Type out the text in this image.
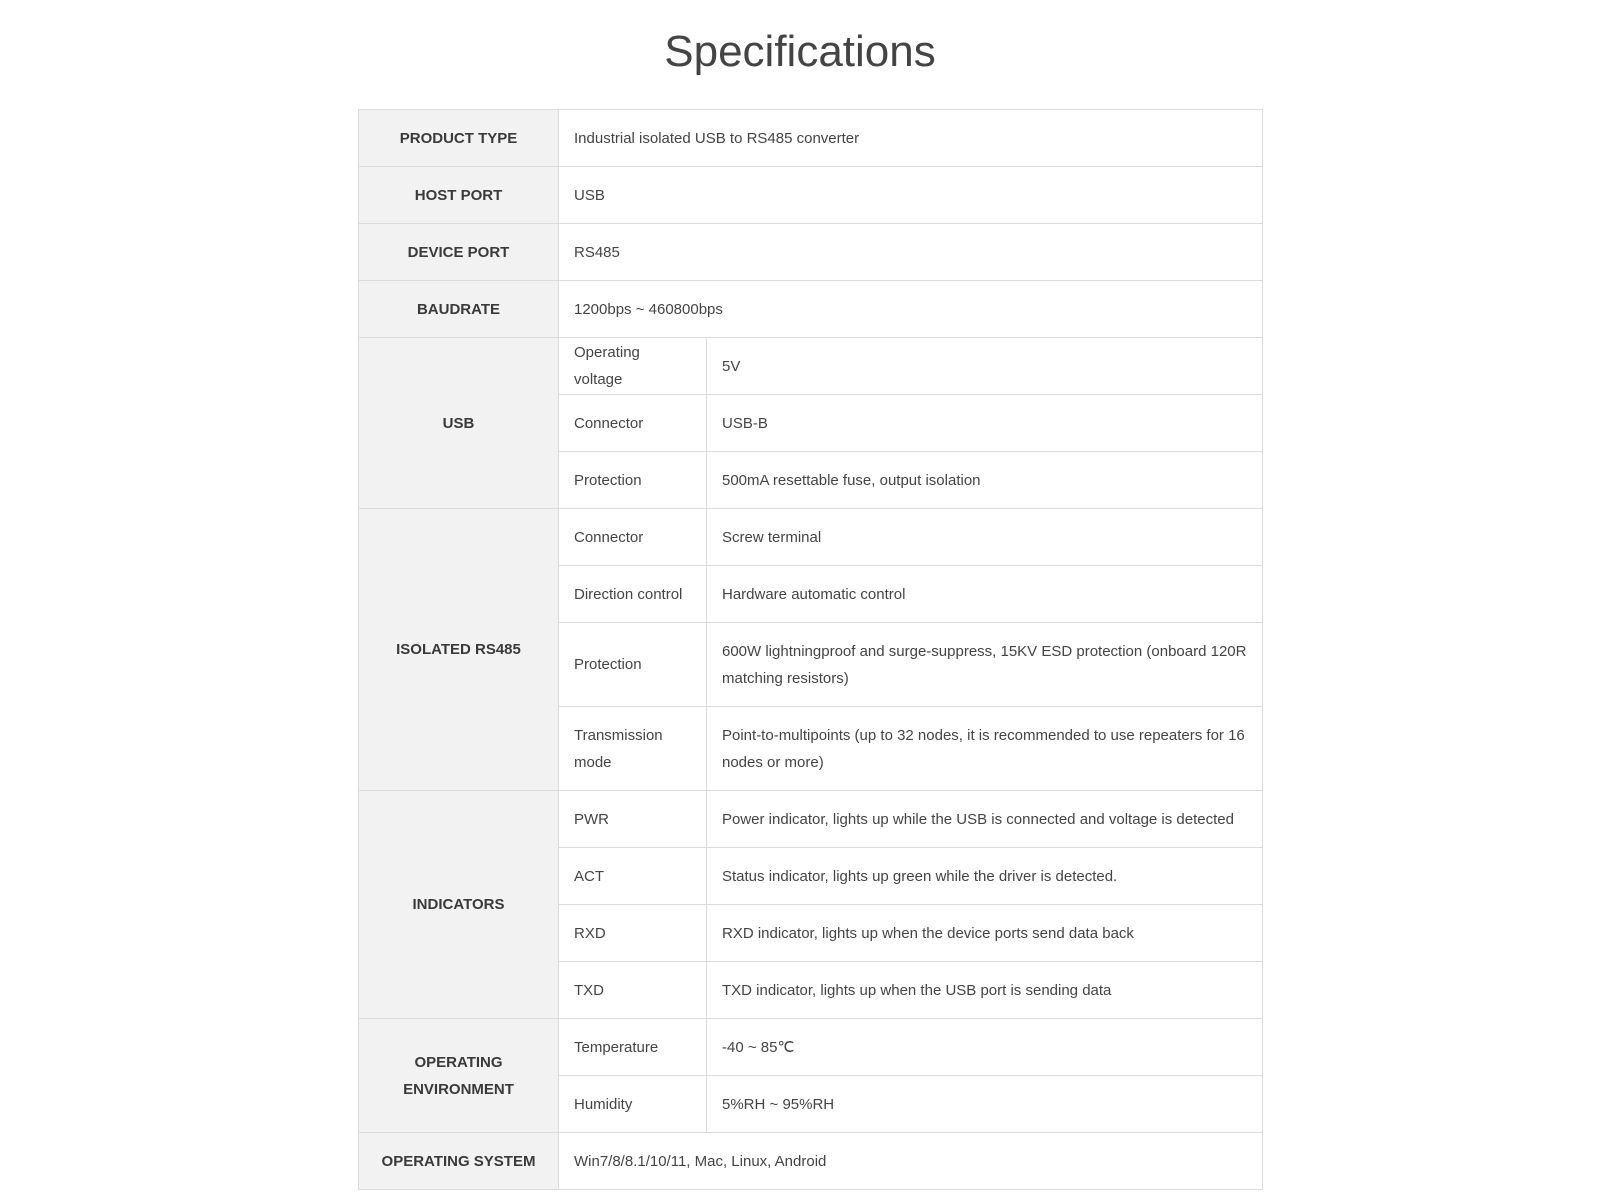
Specifications
PRODUCT TYPE	Industrial isolated USB to RS485 converter	
HOST PORT	USB	
DEVICE PORT	RS485	
BAUDRATE	1200bps ~ 460800bps	
USB	Operating voltage	5V
	Connector	USB-B
	Protection	500mA resettable fuse, output isolation
ISOLATED RS485	Connector	Screw terminal
	Direction control	Hardware automatic control
	Protection	600W lightningproof and surge-suppress, 15KV ESD protection (onboard 120R matching resistors)
	Transmission mode	Point-to-multipoints (up to 32 nodes, it is recommended to use repeaters for 16 nodes or more)
INDICATORS	PWR	Power indicator, lights up while the USB is connected and voltage is detected
	ACT	Status indicator, lights up green while the driver is detected.
	RXD	RXD indicator, lights up when the device ports send data back
	TXD	TXD indicator, lights up when the USB port is sending data
OPERATING ENVIRONMENT	Temperature	-40 ~ 85℃
	Humidity	5%RH ~ 95%RH
OPERATING SYSTEM	Win7/8/8.1/10/11, Mac, Linux, Android	
